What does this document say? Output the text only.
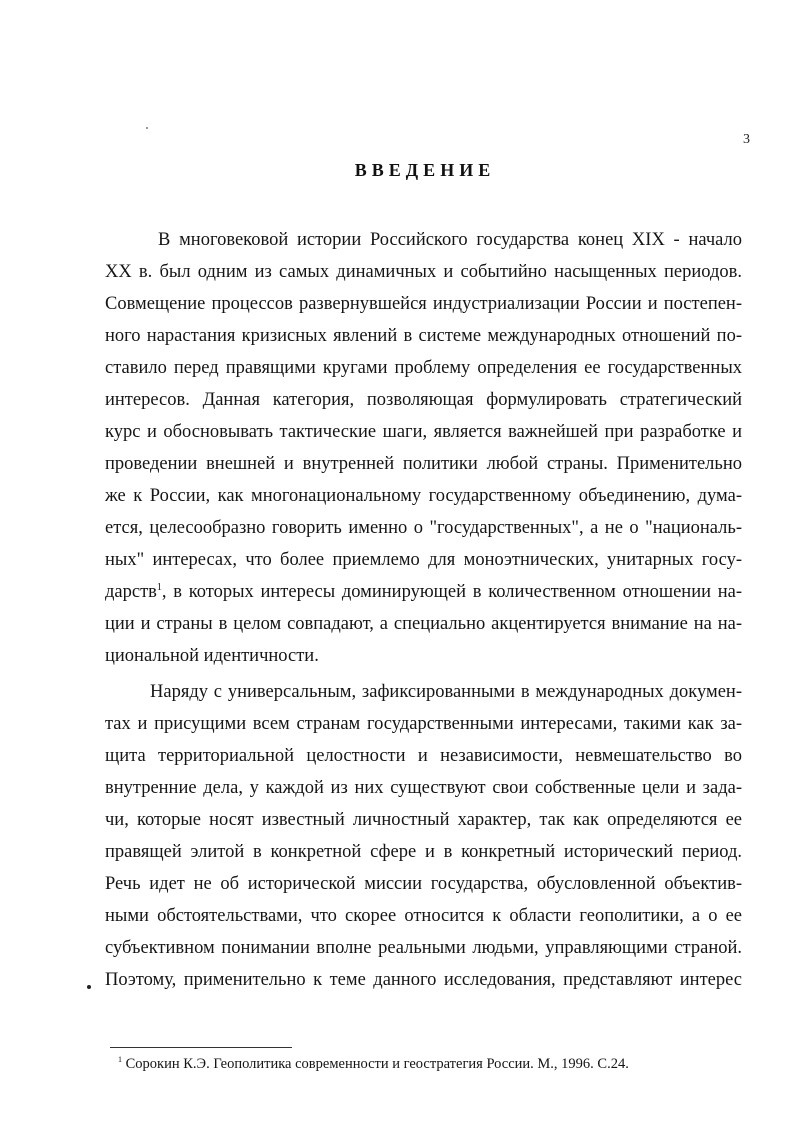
3
ВВЕДЕНИЕ
В многовековой истории Российского государства конец XIX - начало
XX в. был одним из самых динамичных и событийно насыщенных периодов.
Совмещение процессов развернувшейся индустриализации России и постепен-
ного нарастания кризисных явлений в системе международных отношений по-
ставило перед правящими кругами проблему определения ее государственных
интересов. Данная категория, позволяющая формулировать стратегический
курс и обосновывать тактические шаги, является важнейшей при разработке и
проведении внешней и внутренней политики любой страны. Применительно
же к России, как многонациональному государственному объединению, дума-
ется, целесообразно говорить именно о "государственных", а не о "националь-
ных" интересах, что более приемлемо для моноэтнических, унитарных госу-
дарств$^1$, в которых интересы доминирующей в количественном отношении на-
ции и страны в целом совпадают, а специально акцентируется внимание на на-
циональной идентичности.
Наряду с универсальным, зафиксированными в международных докумен-
тах и присущими всем странам государственными интересами, такими как за-
щита территориальной целостности и независимости, невмешательство во
внутренние дела, у каждой из них существуют свои собственные цели и зада-
чи, которые носят известный личностный характер, так как определяются ее
правящей элитой в конкретной сфере и в конкретный исторический период.
Речь идет не об исторической миссии государства, обусловленной объектив-
ными обстоятельствами, что скорее относится к области геополитики, а о ее
субъективном понимании вполне реальными людьми, управляющими страной.
Поэтому, применительно к теме данного исследования, представляют интерес
$^1$ Сорокин К.Э. Геополитика современности и геостратегия России. М., 1996. С.24.
